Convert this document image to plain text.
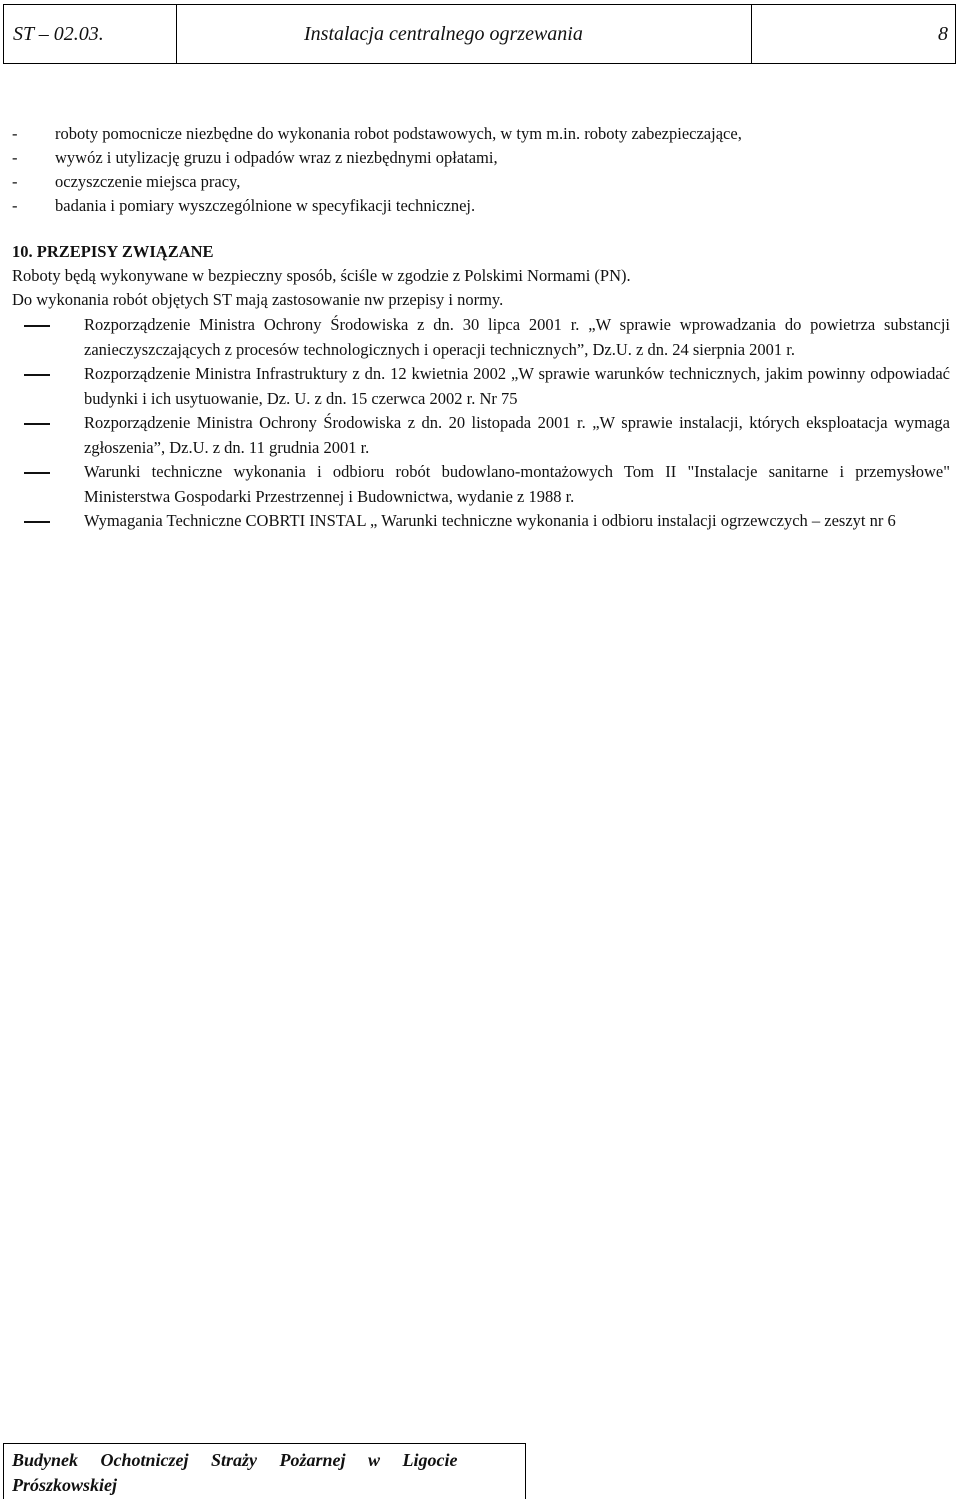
ST – 02.03.	Instalacja centralnego ogrzewania	8
- roboty pomocnicze niezbędne do wykonania robot podstawowych, w tym m.in. roboty zabezpieczające,
- wywóz i utylizację gruzu i odpadów wraz z niezbędnymi opłatami,
- oczyszczenie miejsca pracy,
- badania i pomiary wyszczególnione w specyfikacji technicznej.
10. PRZEPISY ZWIĄZANE
Roboty będą wykonywane w bezpieczny sposób, ściśle w zgodzie z Polskimi Normami (PN).
Do wykonania robót objętych ST mają zastosowanie nw przepisy i normy.
Rozporządzenie Ministra Ochrony Środowiska z dn. 30 lipca 2001 r. „W sprawie wprowadzania do powietrza substancji zanieczyszczających z procesów technologicznych i operacji technicznych”, Dz.U. z dn. 24 sierpnia 2001 r.
Rozporządzenie Ministra Infrastruktury z dn. 12 kwietnia 2002 „W sprawie warunków technicznych, jakim powinny odpowiadać budynki i ich usytuowanie, Dz. U. z dn. 15 czerwca 2002 r. Nr 75
Rozporządzenie Ministra Ochrony Środowiska z dn. 20 listopada 2001 r. „W sprawie instalacji, których eksploatacja wymaga zgłoszenia”, Dz.U. z dn. 11 grudnia 2001 r.
Warunki techniczne wykonania i odbioru robót budowlano-montażowych Tom II "Instalacje sanitarne i przemysłowe" Ministerstwa Gospodarki Przestrzennej i Budownictwa, wydanie z 1988 r.
Wymagania Techniczne COBRTI INSTAL „ Warunki techniczne wykonania i odbioru instalacji ogrzewczych – zeszyt nr 6
Budynek Ochotniczej Straży Pożarnej w Ligocie
Prószkowskiej
